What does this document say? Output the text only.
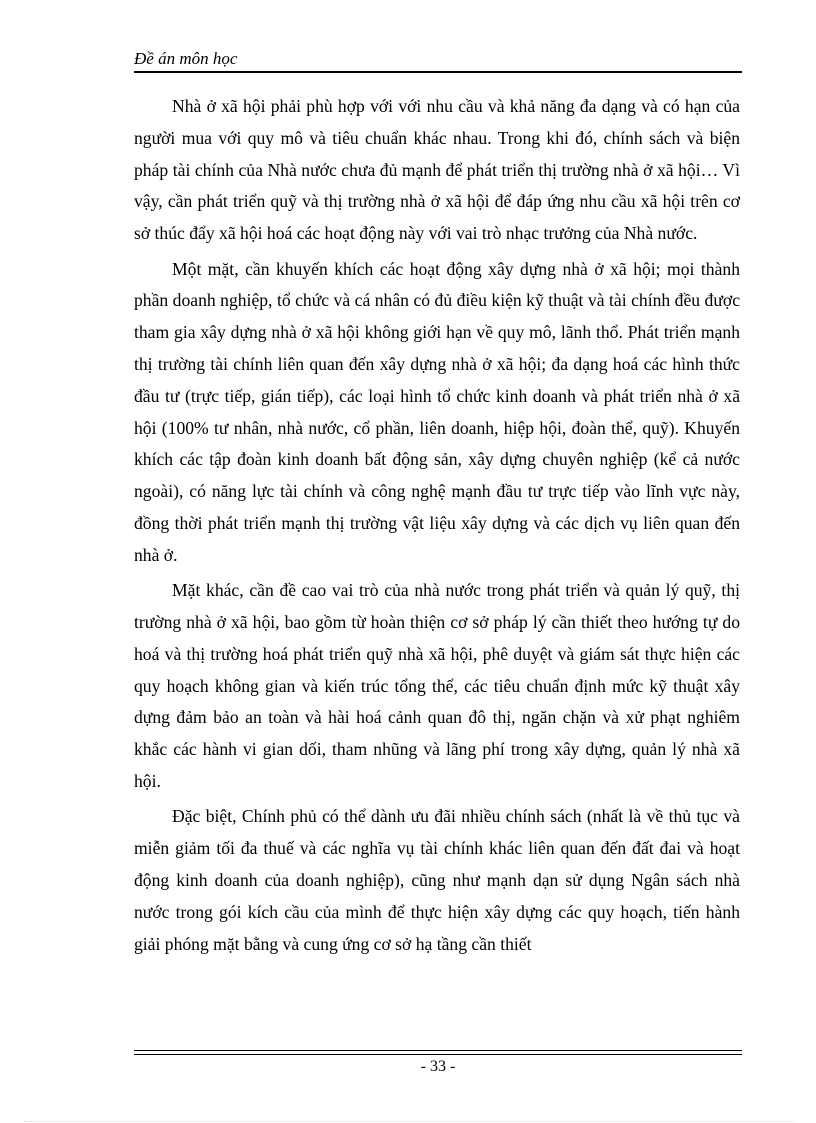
Đề án môn học

Nhà ở xã hội phải phù hợp với với nhu cầu và khả năng đa dạng và có hạn của người mua với quy mô và tiêu chuẩn khác nhau. Trong khi đó, chính sách và biện pháp tài chính của Nhà nước chưa đủ mạnh để phát triển thị trường nhà ở xã hội… Vì vậy, cần phát triển quỹ và thị trường nhà ở xã hội để đáp ứng nhu cầu xã hội trên cơ sở thúc đẩy xã hội hoá các hoạt động này với vai trò nhạc trưởng của Nhà nước.

Một mặt, cần khuyến khích các hoạt động xây dựng nhà ở xã hội; mọi thành phần doanh nghiệp, tổ chức và cá nhân có đủ điều kiện kỹ thuật và tài chính đều được tham gia xây dựng nhà ở xã hội không giới hạn về quy mô, lãnh thổ. Phát triển mạnh thị trường tài chính liên quan đến xây dựng nhà ở xã hội; đa dạng hoá các hình thức đầu tư (trực tiếp, gián tiếp), các loại hình tổ chức kinh doanh và phát triển nhà ở xã hội (100% tư nhân, nhà nước, cổ phần, liên doanh, hiệp hội, đoàn thể, quỹ). Khuyến khích các tập đoàn kinh doanh bất động sản, xây dựng chuyên nghiệp (kể cả nước ngoài), có năng lực tài chính và công nghệ mạnh đầu tư trực tiếp vào lĩnh vực này, đồng thời phát triển mạnh thị trường vật liệu xây dựng và các dịch vụ liên quan đến nhà ở.

Mặt khác, cần đề cao vai trò của nhà nước trong phát triển và quản lý quỹ, thị trường nhà ở xã hội, bao gồm từ hoàn thiện cơ sở pháp lý cần thiết theo hướng tự do hoá và thị trường hoá phát triển quỹ nhà xã hội, phê duyệt và giám sát thực hiện các quy hoạch không gian và kiến trúc tổng thể, các tiêu chuẩn định mức kỹ thuật xây dựng đảm bảo an toàn và hài hoá cảnh quan đô thị, ngăn chặn và xử phạt nghiêm khắc các hành vi gian dối, tham nhũng và lãng phí trong xây dựng, quản lý nhà xã hội.

Đặc biệt, Chính phủ có thể dành ưu đãi nhiều chính sách (nhất là về thủ tục và miễn giảm tối đa thuế và các nghĩa vụ tài chính khác liên quan đến đất đai và hoạt động kinh doanh của doanh nghiệp), cũng như mạnh dạn sử dụng Ngân sách nhà nước trong gói kích cầu của mình để thực hiện xây dựng các quy hoạch, tiến hành giải phóng mặt bằng và cung ứng cơ sở hạ tầng cần thiết

- 33 -
